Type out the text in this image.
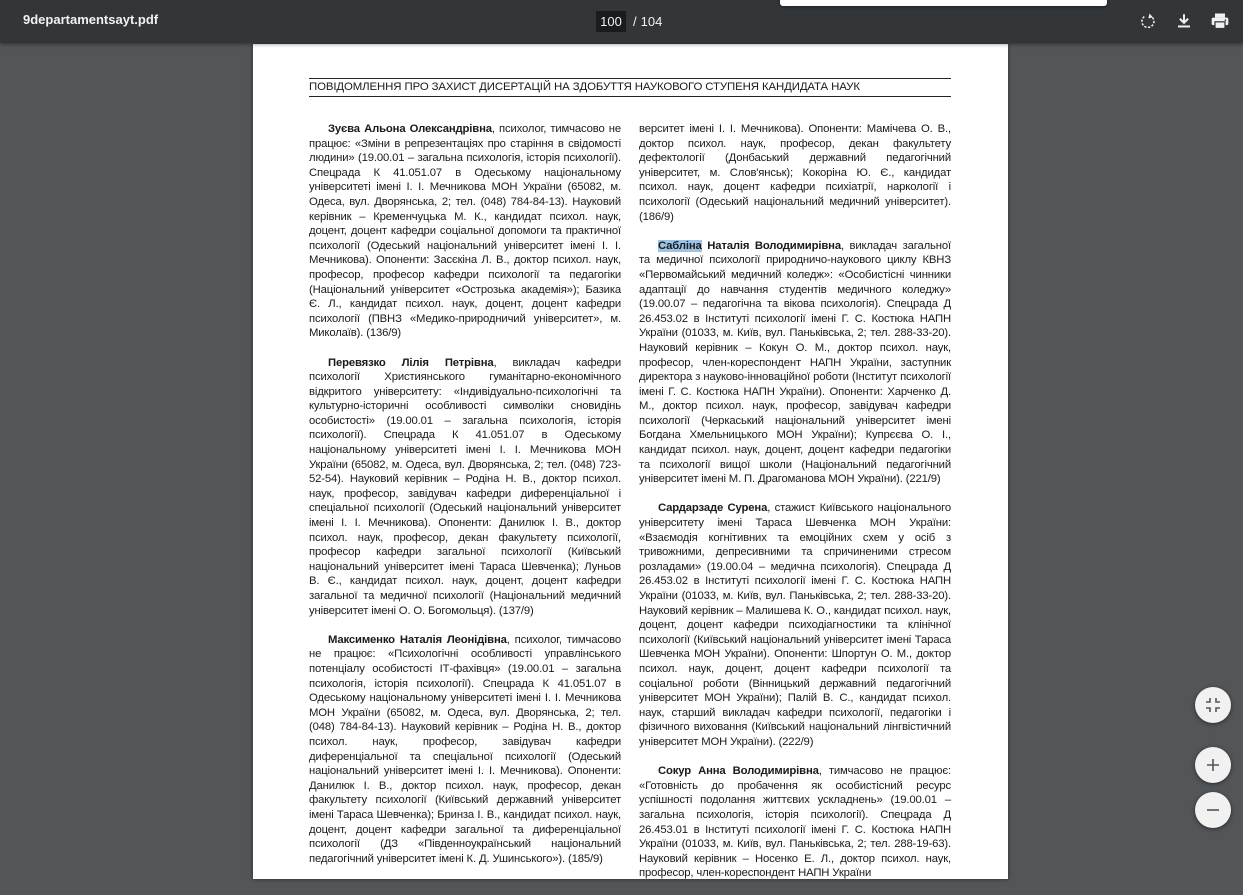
9departamentsayt.pdf
100	/ 104
ПОВІДОМЛЕННЯ ПРО ЗАХИСТ ДИСЕРТАЦІЙ НА ЗДОБУТТЯ НАУКОВОГО СТУПЕНЯ КАНДИДАТА НАУК

Зуєва Альона Олександрівна, психолог, тимчасово не працює: «Зміни в репрезентаціях про старіння в свідомості людини» (19.00.01 – загальна психологія, історія психології). Спецрада К 41.051.07 в Одеському національному університеті імені І. І. Мечникова МОН України (65082, м. Одеса, вул. Дворянська, 2; тел. (048) 784-84-13). Науковий керівник – Кременчуцька М. К., кандидат психол. наук, доцент, доцент кафедри соціальної допомоги та практичної психології (Одеський національний університет імені І. І. Мечникова). Опоненти: Засєкіна Л. В., доктор психол. наук, професор, професор кафедри психології та педагогіки (Національний університет «Острозька академія»); Базика Є. Л., кандидат психол. наук, доцент, доцент кафедри психології (ПВНЗ «Медико-природничий університет», м. Миколаїв). (136/9)

Перевязко Лілія Петрівна, викладач кафедри психології Християнського гуманітарно-економічного відкритого університету: «Індивідуально-психологічні та культурно-історичні особливості символіки сновидінь особистості» (19.00.01 – загальна психологія, історія психології). Спецрада К 41.051.07 в Одеському національному університеті імені І. І. Мечникова МОН України (65082, м. Одеса, вул. Дворянська, 2; тел. (048) 723-52-54). Науковий керівник – Родіна Н. В., доктор психол. наук, професор, завідувач кафедри диференціальної і спеціальної психології (Одеський національний університет імені І. І. Мечникова). Опоненти: Данилюк І. В., доктор психол. наук, професор, декан факультету психології, професор кафедри загальної психології (Київський національний університет імені Тараса Шевченка); Луньов В. Є., кандидат психол. наук, доцент, доцент кафедри загальної та медичної психології (Національний медичний університет імені О. О. Богомольця). (137/9)

Максименко Наталія Леонідівна, психолог, тимчасово не працює: «Психологічні особливості управлінського потенціалу особистості ІТ-фахівця» (19.00.01 – загальна психологія, історія психології). Спецрада К 41.051.07 в Одеському національному університеті імені І. І. Мечникова МОН України (65082, м. Одеса, вул. Дворянська, 2; тел. (048) 784-84-13). Науковий керівник – Родіна Н. В., доктор психол. наук, професор, завідувач кафедри диференціальної та спеціальної психології (Одеський національний університет імені І. І. Мечникова). Опоненти: Данилюк І. В., доктор психол. наук, професор, декан факультету психології (Київський державний університет імені Тараса Шевченка); Бринза І. В., кандидат психол. наук, доцент, доцент кафедри загальної та диференціальної психології (ДЗ «Південноукраїнський національний педагогічний університет імені К. Д. Ушинського»). (185/9)

верситет імені І. І. Мечникова). Опоненти: Мамічева О. В., доктор психол. наук, професор, декан факультету дефектології (Донбаський державний педагогічний університет, м. Слов'янськ); Кокоріна Ю. Є., кандидат психол. наук, доцент кафедри психіатрії, наркології і психології (Одеський національний медичний університет). (186/9)

Сабліна Наталія Володимирівна, викладач загальної та медичної психології природничо-наукового циклу КВНЗ «Первомайський медичний коледж»: «Особистісні чинники адаптації до навчання студентів медичного коледжу» (19.00.07 – педагогічна та вікова психологія). Спецрада Д 26.453.02 в Інституті психології імені Г. С. Костюка НАПН України (01033, м. Київ, вул. Паньківська, 2; тел. 288-33-20). Науковий керівник – Кокун О. М., доктор психол. наук, професор, член-кореспондент НАПН України, заступник директора з науково-інноваційної роботи (Інститут психології імені Г. С. Костюка НАПН України). Опоненти: Харченко Д. М., доктор психол. наук, професор, завідувач кафедри психології (Черкаський національний університет імені Богдана Хмельницького МОН України); Купрєєва О. І., кандидат психол. наук, доцент, доцент кафедри педагогіки та психології вищої школи (Національний педагогічний університет імені М. П. Драгоманова МОН України). (221/9)

Сардарзаде Сурена, стажист Київського національного університету імені Тараса Шевченка МОН України: «Взаємодія когнітивних та емоційних схем у осіб з тривожними, депресивними та спричиненими стресом розладами» (19.00.04 – медична психологія). Спецрада Д 26.453.02 в Інституті психології імені Г. С. Костюка НАПН України (01033, м. Київ, вул. Паньківська, 2; тел. 288-33-20). Науковий керівник – Малишева К. О., кандидат психол. наук, доцент, доцент кафедри психодіагностики та клінічної психології (Київський національний університет імені Тараса Шевченка МОН України). Опоненти: Шпортун О. М., доктор психол. наук, доцент, доцент кафедри психології та соціальної роботи (Вінницький державний педагогічний університет МОН України); Палій В. С., кандидат психол. наук, старший викладач кафедри психології, педагогіки і фізичного виховання (Київський національний лінгвістичний університет МОН України). (222/9)

Сокур Анна Володимирівна, тимчасово не працює: «Готовність до пробачення як особистісний ресурс успішності подолання життєвих ускладнень» (19.00.01 – загальна психологія, історія психології). Спецрада Д 26.453.01 в Інституті психології імені Г. С. Костюка НАПН України (01033, м. Київ, вул. Паньківська, 2; тел. 288-19-63). Науковий керівник – Носенко Е. Л., доктор психол. наук, професор, член-кореспондент НАПН України
